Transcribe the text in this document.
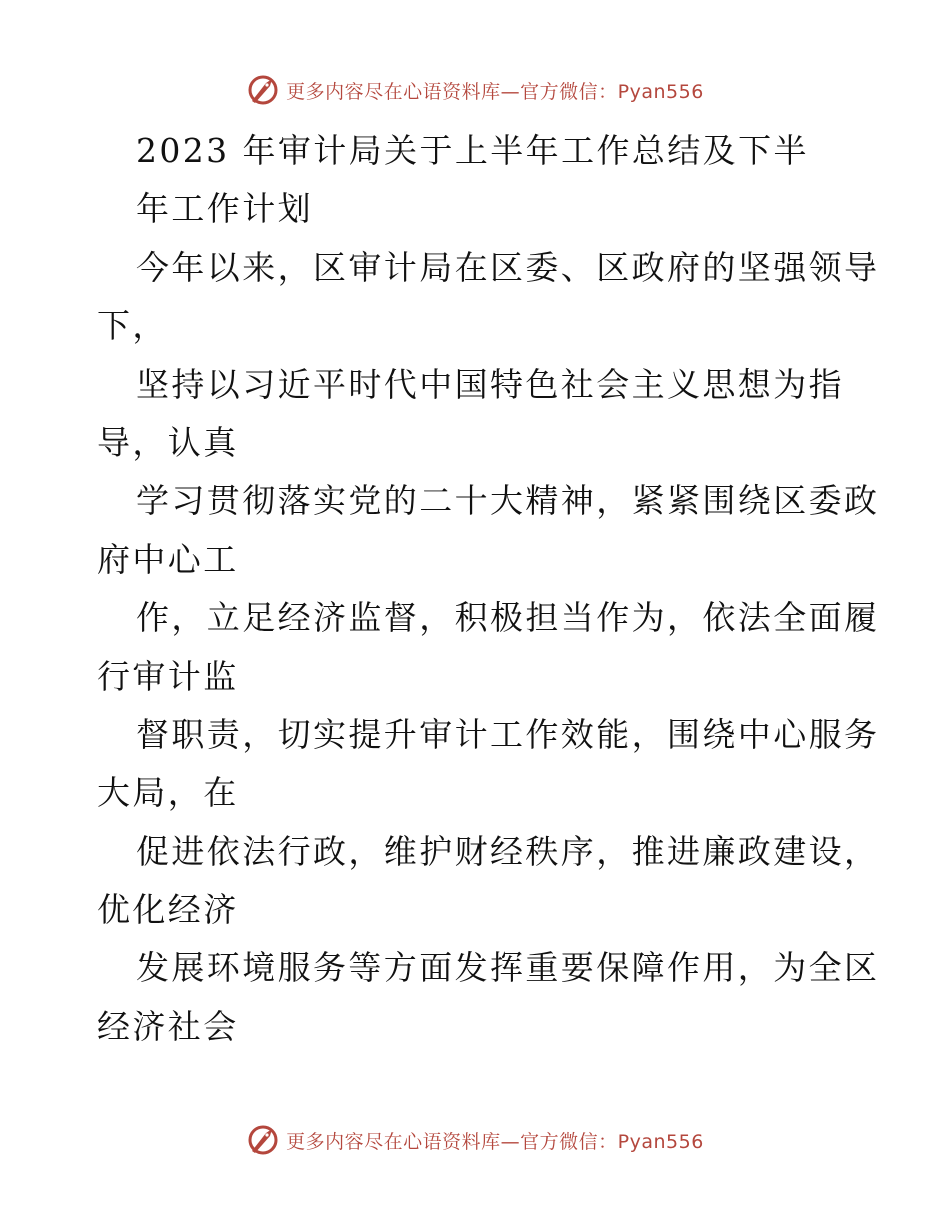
更多内容尽在心语资料库—官方微信：Pyan556
2023 年审计局关于上半年工作总结及下半
年工作计划
今年以来，区审计局在区委、区政府的坚强领导
下，
坚持以习近平时代中国特色社会主义思想为指
导，认真
学习贯彻落实党的二十大精神，紧紧围绕区委政
府中心工
作，立足经济监督，积极担当作为，依法全面履
行审计监
督职责，切实提升审计工作效能，围绕中心服务
大局，在
促进依法行政，维护财经秩序，推进廉政建设，
优化经济
发展环境服务等方面发挥重要保障作用，为全区
经济社会
更多内容尽在心语资料库—官方微信：Pyan556
